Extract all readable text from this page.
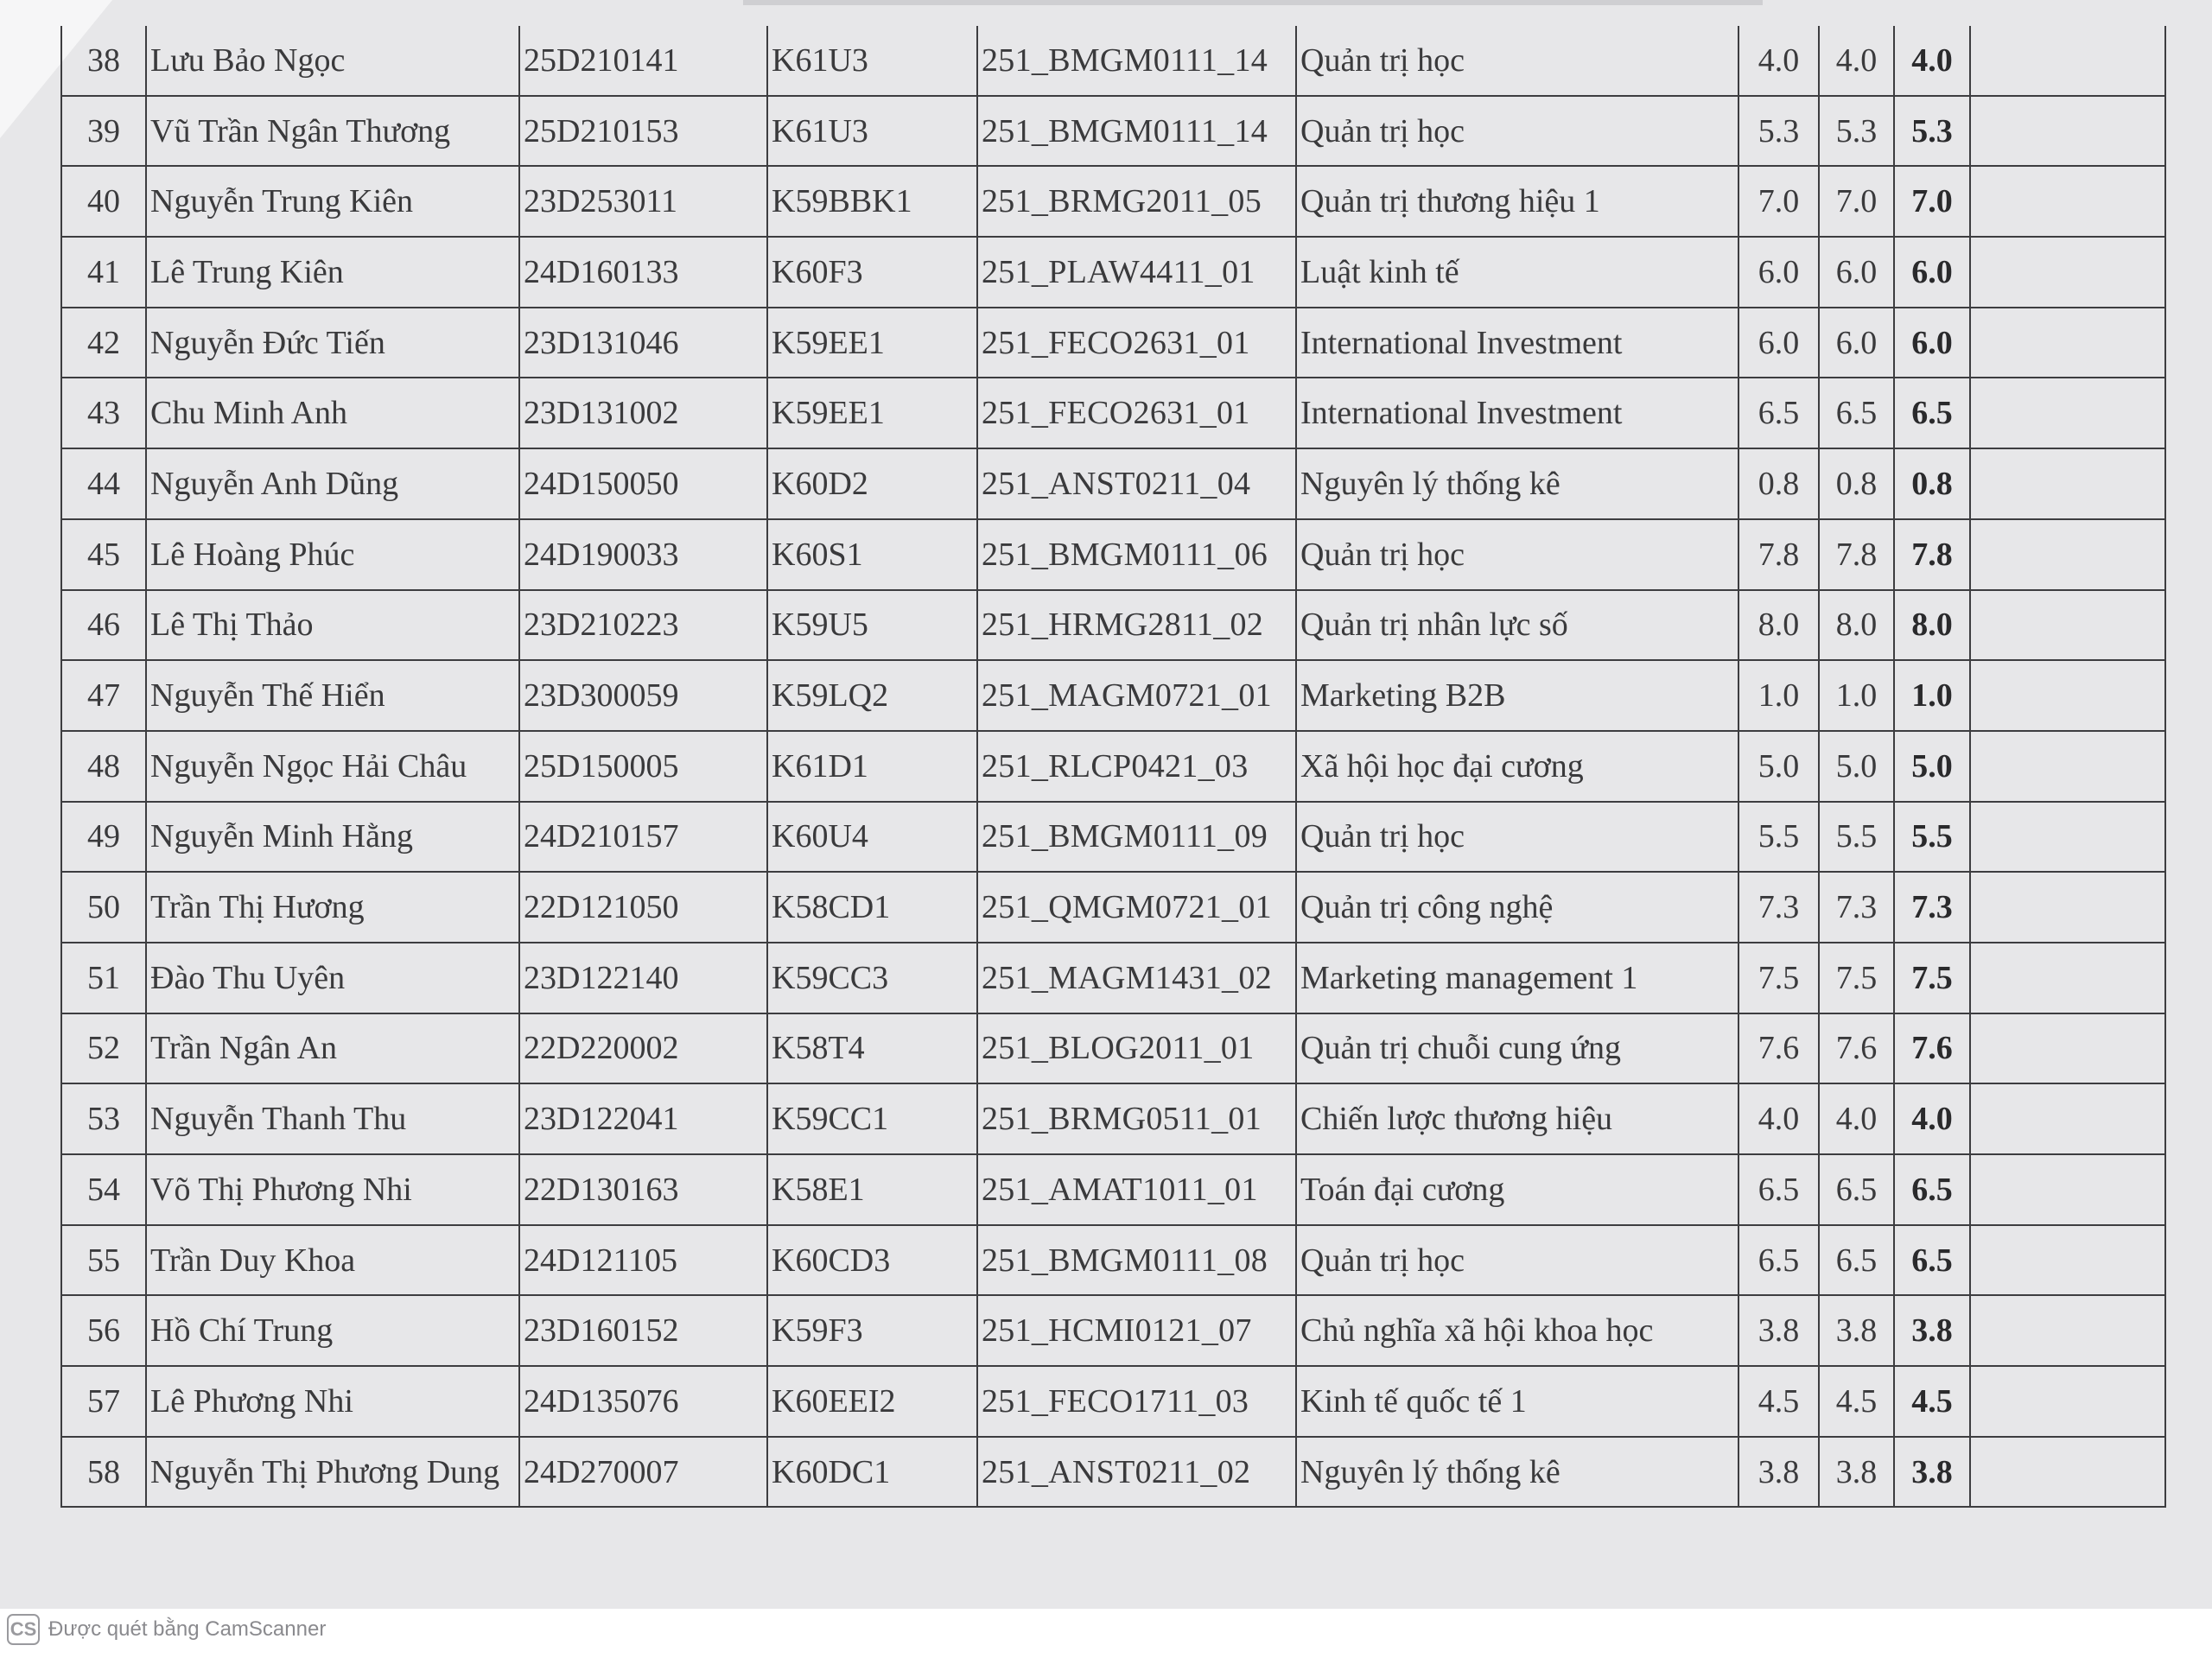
38	Lưu Bảo Ngọc	25D210141	K61U3	251_BMGM0111_14	Quản trị học	4.0	4.0	4.0	
39	Vũ Trần Ngân Thương	25D210153	K61U3	251_BMGM0111_14	Quản trị học	5.3	5.3	5.3	
40	Nguyễn Trung Kiên	23D253011	K59BBK1	251_BRMG2011_05	Quản trị thương hiệu 1	7.0	7.0	7.0	
41	Lê Trung Kiên	24D160133	K60F3	251_PLAW4411_01	Luật kinh tế	6.0	6.0	6.0	
42	Nguyễn Đức Tiến	23D131046	K59EE1	251_FECO2631_01	International Investment	6.0	6.0	6.0	
43	Chu Minh Anh	23D131002	K59EE1	251_FECO2631_01	International Investment	6.5	6.5	6.5	
44	Nguyễn Anh Dũng	24D150050	K60D2	251_ANST0211_04	Nguyên lý thống kê	0.8	0.8	0.8	
45	Lê Hoàng Phúc	24D190033	K60S1	251_BMGM0111_06	Quản trị học	7.8	7.8	7.8	
46	Lê Thị Thảo	23D210223	K59U5	251_HRMG2811_02	Quản trị nhân lực số	8.0	8.0	8.0	
47	Nguyễn Thế Hiển	23D300059	K59LQ2	251_MAGM0721_01	Marketing B2B	1.0	1.0	1.0	
48	Nguyễn Ngọc Hải Châu	25D150005	K61D1	251_RLCP0421_03	Xã hội học đại cương	5.0	5.0	5.0	
49	Nguyễn Minh Hằng	24D210157	K60U4	251_BMGM0111_09	Quản trị học	5.5	5.5	5.5	
50	Trần Thị Hương	22D121050	K58CD1	251_QMGM0721_01	Quản trị công nghệ	7.3	7.3	7.3	
51	Đào Thu Uyên	23D122140	K59CC3	251_MAGM1431_02	Marketing management 1	7.5	7.5	7.5	
52	Trần Ngân An	22D220002	K58T4	251_BLOG2011_01	Quản trị chuỗi cung ứng	7.6	7.6	7.6	
53	Nguyễn Thanh Thu	23D122041	K59CC1	251_BRMG0511_01	Chiến lược thương hiệu	4.0	4.0	4.0	
54	Võ Thị Phương Nhi	22D130163	K58E1	251_AMAT1011_01	Toán đại cương	6.5	6.5	6.5	
55	Trần Duy Khoa	24D121105	K60CD3	251_BMGM0111_08	Quản trị học	6.5	6.5	6.5	
56	Hồ Chí Trung	23D160152	K59F3	251_HCMI0121_07	Chủ nghĩa xã hội khoa học	3.8	3.8	3.8	
57	Lê Phương Nhi	24D135076	K60EEI2	251_FECO1711_03	Kinh tế quốc tế 1	4.5	4.5	4.5	
58	Nguyễn Thị Phương Dung	24D270007	K60DC1	251_ANST0211_02	Nguyên lý thống kê	3.8	3.8	3.8	
CS Được quét bằng CamScanner
